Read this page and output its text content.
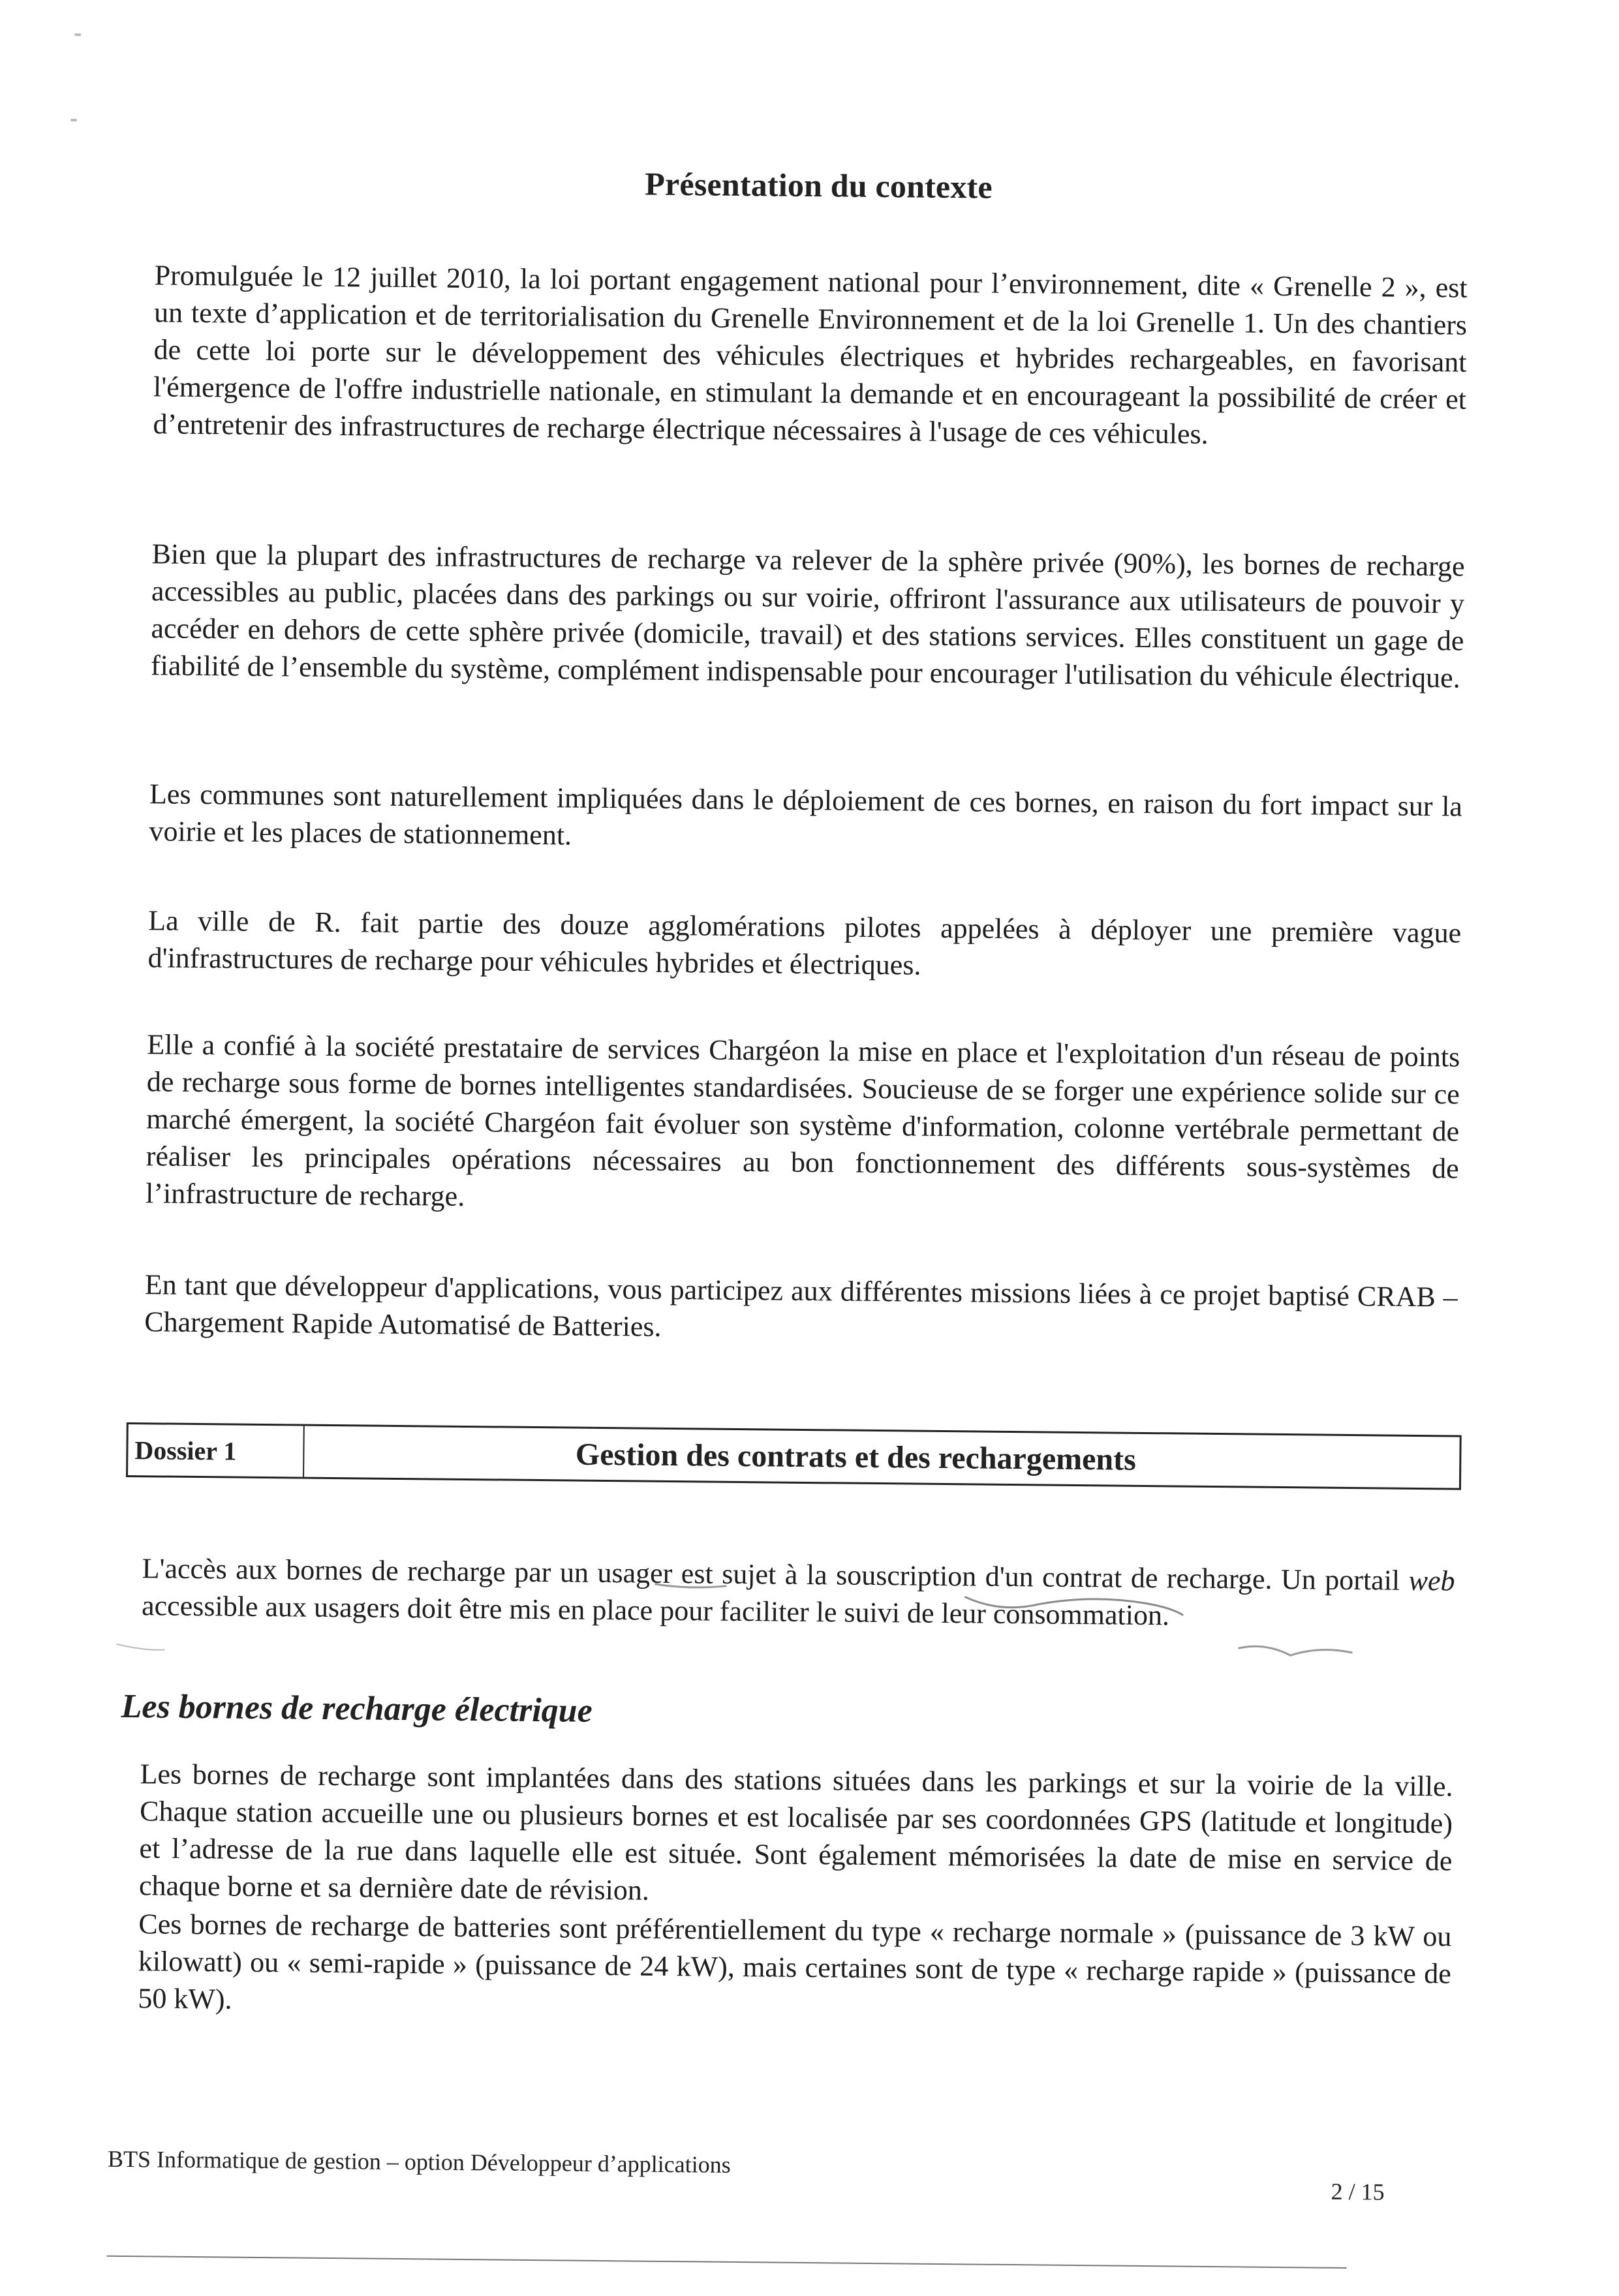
Présentation du contexte

Promulguée le 12 juillet 2010, la loi portant engagement national pour l’environnement, dite « Grenelle 2 », est un texte d’application et de territorialisation du Grenelle Environnement et de la loi Grenelle 1. Un des chantiers de cette loi porte sur le développement des véhicules électriques et hybrides rechargeables, en favorisant l'émergence de l'offre industrielle nationale, en stimulant la demande et en encourageant la possibilité de créer et d’entretenir des infrastructures de recharge électrique nécessaires à l'usage de ces véhicules.

Bien que la plupart des infrastructures de recharge va relever de la sphère privée (90%), les bornes de recharge accessibles au public, placées dans des parkings ou sur voirie, offriront l'assurance aux utilisateurs de pouvoir y accéder en dehors de cette sphère privée (domicile, travail) et des stations services. Elles constituent un gage de fiabilité de l’ensemble du système, complément indispensable pour encourager l'utilisation du véhicule électrique.

Les communes sont naturellement impliquées dans le déploiement de ces bornes, en raison du fort impact sur la voirie et les places de stationnement.

La ville de R. fait partie des douze agglomérations pilotes appelées à déployer une première vague d'infrastructures de recharge pour véhicules hybrides et électriques.

Elle a confié à la société prestataire de services Chargéon la mise en place et l'exploitation d'un réseau de points de recharge sous forme de bornes intelligentes standardisées. Soucieuse de se forger une expérience solide sur ce marché émergent, la société Chargéon fait évoluer son système d'information, colonne vertébrale permettant de réaliser les principales opérations nécessaires au bon fonctionnement des différents sous-systèmes de l’infrastructure de recharge.

En tant que développeur d'applications, vous participez aux différentes missions liées à ce projet baptisé CRAB – Chargement Rapide Automatisé de Batteries.

Dossier 1	Gestion des contrats et des rechargements

L'accès aux bornes de recharge par un usager est sujet à la souscription d'un contrat de recharge. Un portail web accessible aux usagers doit être mis en place pour faciliter le suivi de leur consommation.

Les bornes de recharge électrique

Les bornes de recharge sont implantées dans des stations situées dans les parkings et sur la voirie de la ville. Chaque station accueille une ou plusieurs bornes et est localisée par ses coordonnées GPS (latitude et longitude) et l’adresse de la rue dans laquelle elle est située. Sont également mémorisées la date de mise en service de chaque borne et sa dernière date de révision.

Ces bornes de recharge de batteries sont préférentiellement du type « recharge normale » (puissance de 3 kW ou kilowatt) ou « semi-rapide » (puissance de 24 kW), mais certaines sont de type « recharge rapide » (puissance de 50 kW).

BTS Informatique de gestion – option Développeur d’applications
2 / 15
